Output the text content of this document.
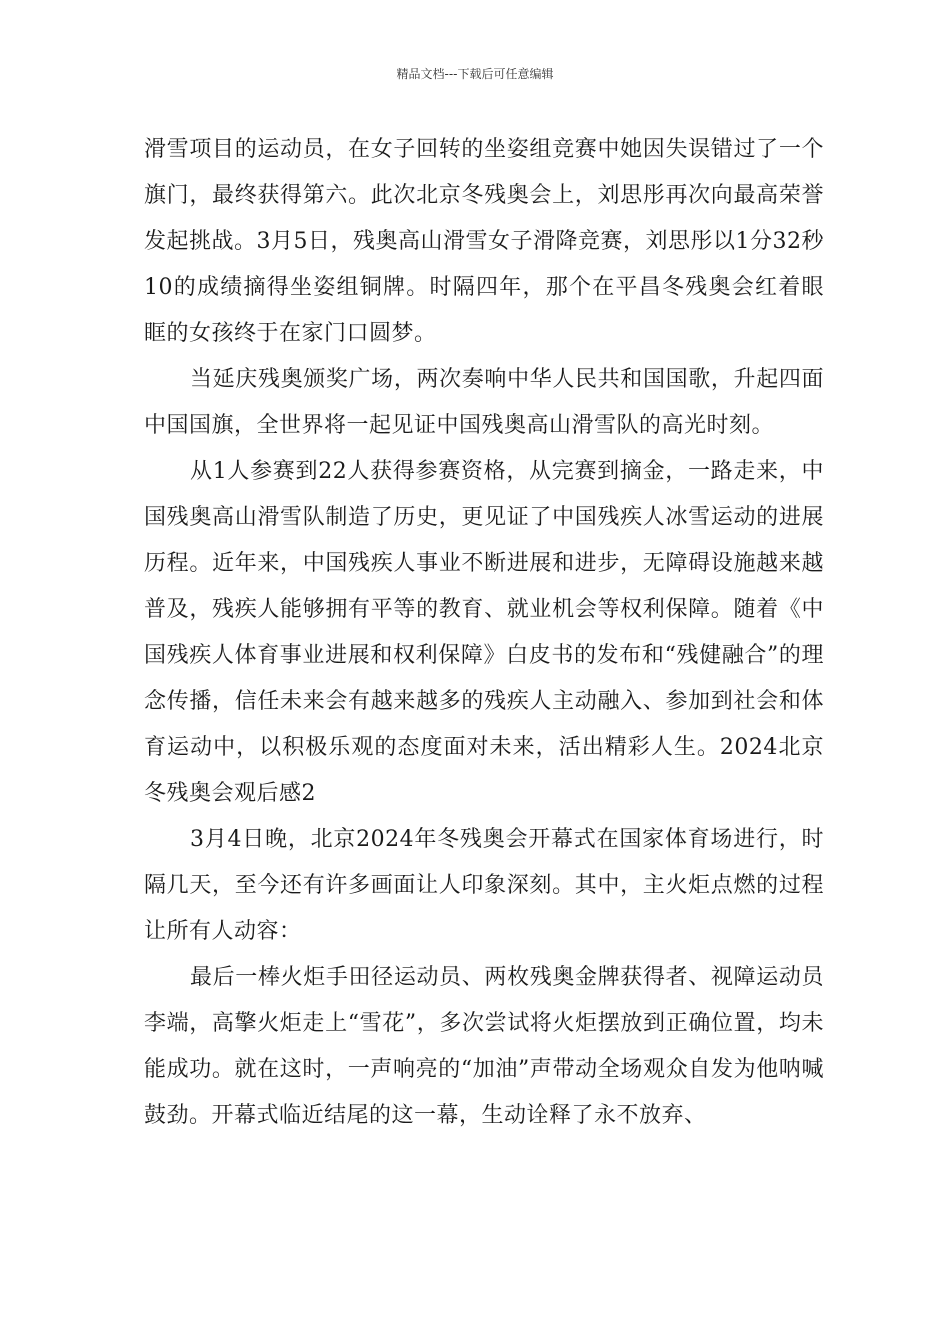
精品文档---下载后可任意编辑

滑雪项目的运动员，在女子回转的坐姿组竞赛中她因失误错过了一个旗门，最终获得第六。此次北京冬残奥会上，刘思彤再次向最高荣誉发起挑战。3月5日，残奥高山滑雪女子滑降竞赛，刘思彤以1分32秒10的成绩摘得坐姿组铜牌。时隔四年，那个在平昌冬残奥会红着眼眶的女孩终于在家门口圆梦。

当延庆残奥颁奖广场，两次奏响中华人民共和国国歌，升起四面中国国旗，全世界将一起见证中国残奥高山滑雪队的高光时刻。

从1人参赛到22人获得参赛资格，从完赛到摘金，一路走来，中国残奥高山滑雪队制造了历史，更见证了中国残疾人冰雪运动的进展历程。近年来，中国残疾人事业不断进展和进步，无障碍设施越来越普及，残疾人能够拥有平等的教育、就业机会等权利保障。随着《中国残疾人体育事业进展和权利保障》白皮书的发布和“残健融合”的理念传播，信任未来会有越来越多的残疾人主动融入、参加到社会和体育运动中，以积极乐观的态度面对未来，活出精彩人生。2024北京冬残奥会观后感2

3月4日晚，北京2024年冬残奥会开幕式在国家体育场进行，时隔几天，至今还有许多画面让人印象深刻。其中，主火炬点燃的过程让所有人动容：

最后一棒火炬手田径运动员、两枚残奥金牌获得者、视障运动员李端，高擎火炬走上“雪花”，多次尝试将火炬摆放到正确位置，均未能成功。就在这时，一声响亮的“加油”声带动全场观众自发为他呐喊鼓劲。开幕式临近结尾的这一幕，生动诠释了永不放弃、
